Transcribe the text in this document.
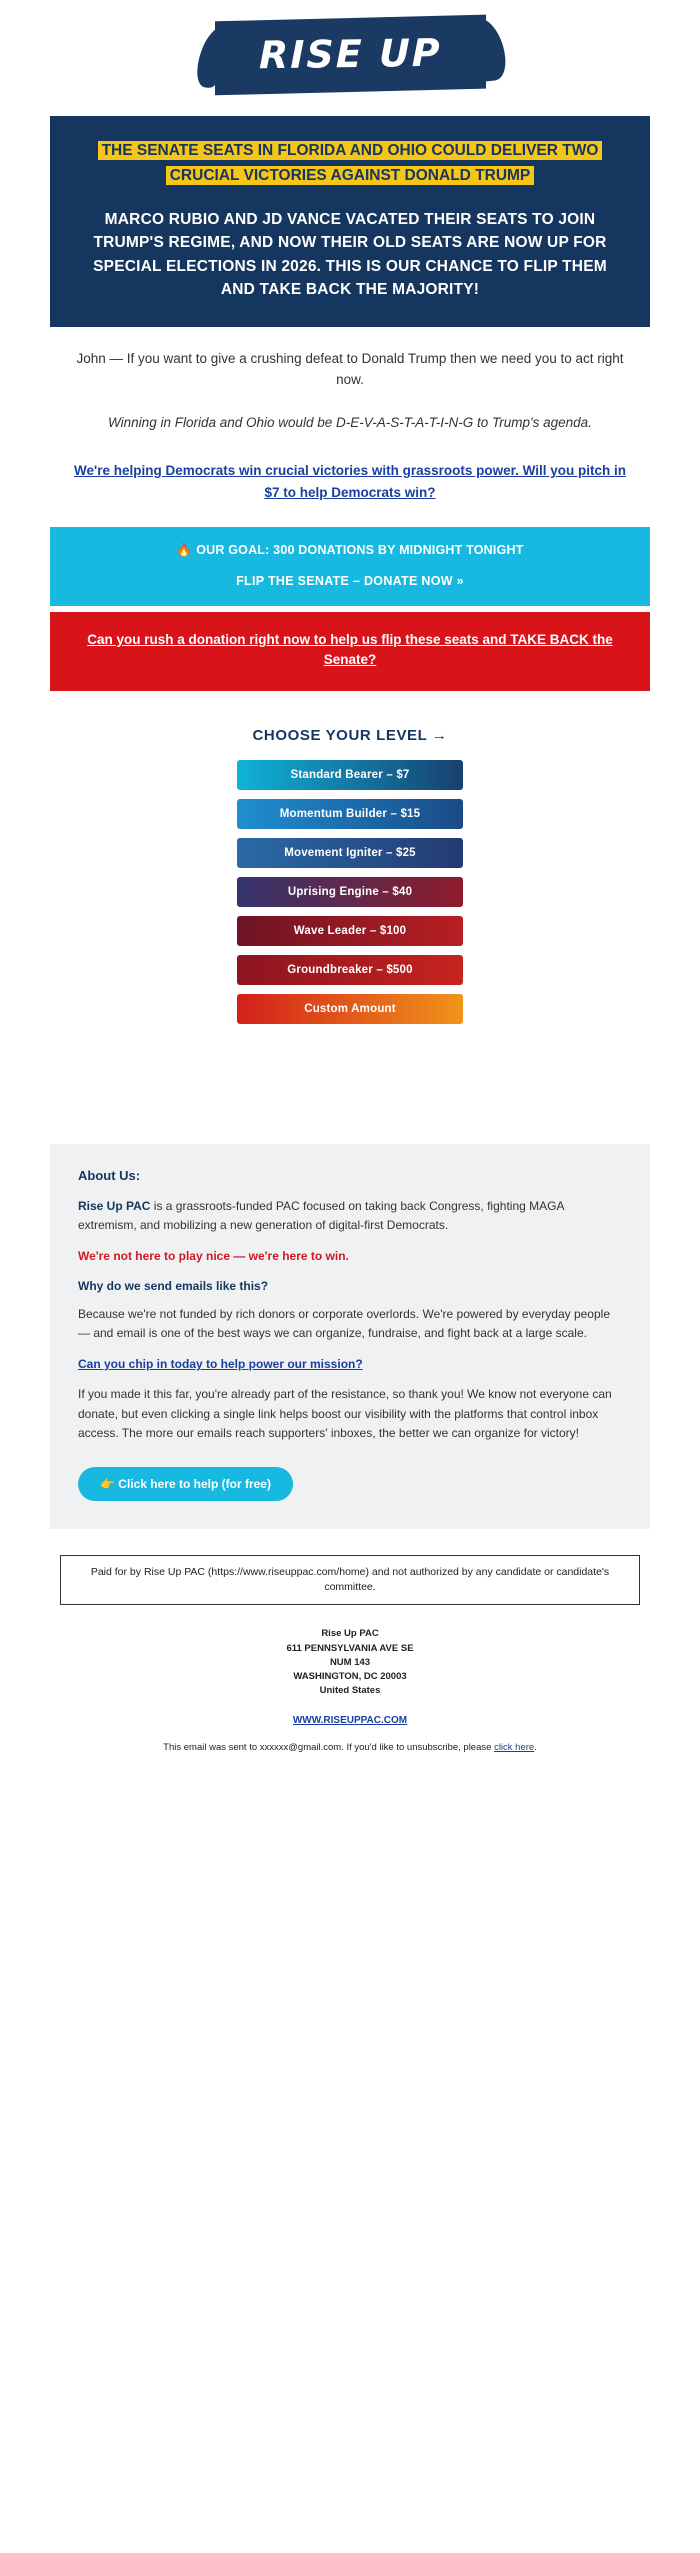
RISE UP
THE SENATE SEATS IN FLORIDA AND OHIO COULD DELIVER TWO CRUCIAL VICTORIES AGAINST DONALD TRUMP
MARCO RUBIO AND JD VANCE VACATED THEIR SEATS TO JOIN TRUMP'S REGIME, AND NOW THEIR OLD SEATS ARE NOW UP FOR SPECIAL ELECTIONS IN 2026. THIS IS OUR CHANCE TO FLIP THEM AND TAKE BACK THE MAJORITY!

John — If you want to give a crushing defeat to Donald Trump then we need you to act right now.

Winning in Florida and Ohio would be D-E-V-A-S-T-A-T-I-N-G to Trump's agenda.

We're helping Democrats win crucial victories with grassroots power. Will you pitch in $7 to help Democrats win?
🔥 OUR GOAL: 300 DONATIONS BY MIDNIGHT TONIGHT
FLIP THE SENATE – DONATE NOW »
Can you rush a donation right now to help us flip these seats and TAKE BACK the Senate?
CHOOSE YOUR LEVEL →
Standard Bearer – $7
Momentum Builder – $15
Movement Igniter – $25
Uprising Engine – $40
Wave Leader – $100
Groundbreaker – $500
Custom Amount
About Us:

Rise Up PAC is a grassroots-funded PAC focused on taking back Congress, fighting MAGA extremism, and mobilizing a new generation of digital-first Democrats.

We're not here to play nice — we're here to win.

Why do we send emails like this?

Because we're not funded by rich donors or corporate overlords. We're powered by everyday people — and email is one of the best ways we can organize, fundraise, and fight back at a large scale.

Can you chip in today to help power our mission?

If you made it this far, you're already part of the resistance, so thank you! We know not everyone can donate, but even clicking a single link helps boost our visibility with the platforms that control inbox access. The more our emails reach supporters' inboxes, the better we can organize for victory!

👉 Click here to help (for free)
Paid for by Rise Up PAC (https://www.riseuppac.com/home) and not authorized by any candidate or candidate's committee.
Rise Up PAC
611 PENNSYLVANIA AVE SE
NUM 143
WASHINGTON, DC 20003
United States
WWW.RISEUPPAC.COM
This email was sent to xxxxxx@gmail.com. If you'd like to unsubscribe, please click here.
